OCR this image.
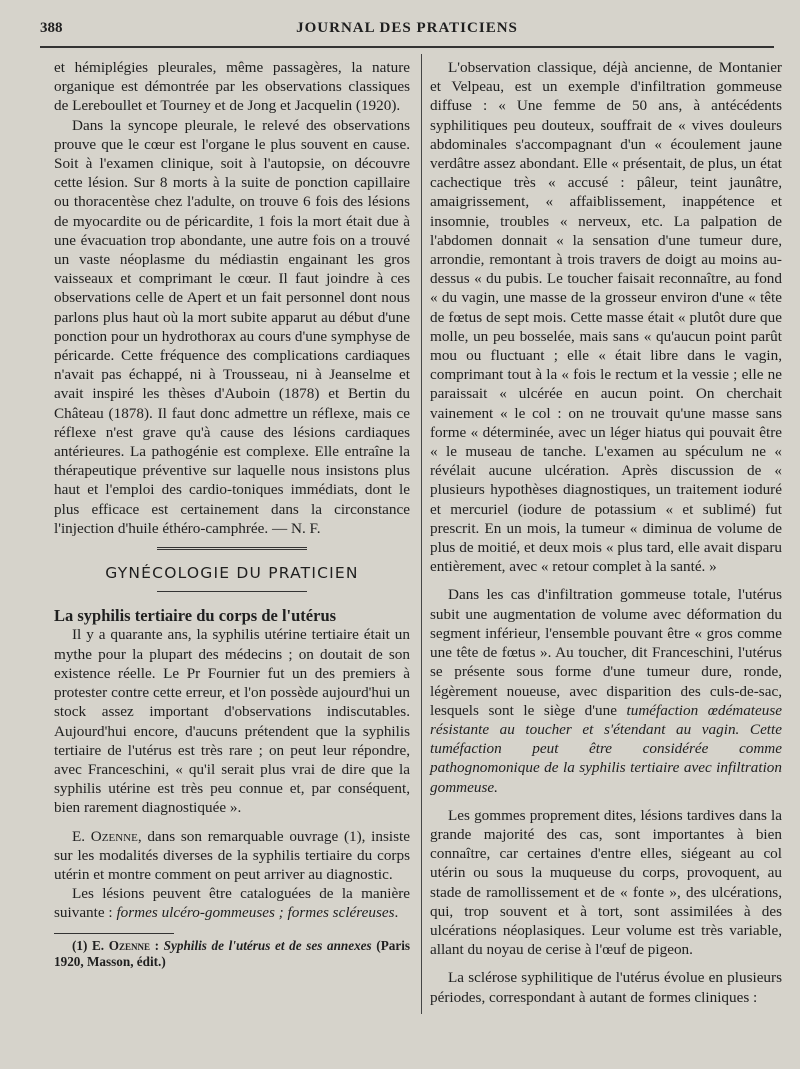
388	JOURNAL DES PRATICIENS

et hémiplégies pleurales, même passagères, la nature organique est démontrée par les observations classiques de Lereboullet et Tourney et de Jong et Jacquelin (1920).

Dans la syncope pleurale, le relevé des observations prouve que le cœur est l'organe le plus souvent en cause. Soit à l'examen clinique, soit à l'autopsie, on découvre cette lésion. Sur 8 morts à la suite de ponction capillaire ou thoracentèse chez l'adulte, on trouve 6 fois des lésions de myocardite ou de péricardite, 1 fois la mort était due à une évacuation trop abondante, une autre fois on a trouvé un vaste néoplasme du médiastin engainant les gros vaisseaux et comprimant le cœur. Il faut joindre à ces observations celle de Apert et un fait personnel dont nous parlons plus haut où la mort subite apparut au début d'une ponction pour un hydrothorax au cours d'une symphyse de péricarde. Cette fréquence des complications cardiaques n'avait pas échappé, ni à Trousseau, ni à Jeanselme et avait inspiré les thèses d'Auboin (1878) et Bertin du Château (1878). Il faut donc admettre un réflexe, mais ce réflexe n'est grave qu'à cause des lésions cardiaques antérieures. La pathogénie est complexe. Elle entraîne la thérapeutique préventive sur laquelle nous insistons plus haut et l'emploi des cardio-toniques immédiats, dont le plus efficace est certainement dans la circonstance l'injection d'huile éthéro-camphrée. — N. F.

GYNÉCOLOGIE DU PRATICIEN

La syphilis tertiaire du corps de l'utérus

Il y a quarante ans, la syphilis utérine tertiaire était un mythe pour la plupart des médecins ; on doutait de son existence réelle. Le Pr Fournier fut un des premiers à protester contre cette erreur, et l'on possède aujourd'hui un stock assez important d'observations indiscutables. Aujourd'hui encore, d'aucuns prétendent que la syphilis tertiaire de l'utérus est très rare ; on peut leur répondre, avec Franceschini, « qu'il serait plus vrai de dire que la syphilis utérine est très peu connue et, par conséquent, bien rarement diagnostiquée ».

E. Ozenne, dans son remarquable ouvrage (1), insiste sur les modalités diverses de la syphilis tertiaire du corps utérin et montre comment on peut arriver au diagnostic.

Les lésions peuvent être cataloguées de la manière suivante : formes ulcéro-gommeuses ; formes scléreuses.

(1) E. Ozenne : Syphilis de l'utérus et de ses annexes (Paris 1920, Masson, édit.)

L'observation classique, déjà ancienne, de Montanier et Velpeau, est un exemple d'infiltration gommeuse diffuse : « Une femme de 50 ans, à antécédents syphilitiques peu douteux, souffrait de « vives douleurs abdominales s'accompagnant d'un « écoulement jaune verdâtre assez abondant. Elle « présentait, de plus, un état cachectique très « accusé : pâleur, teint jaunâtre, amaigrissement, « affaiblissement, inappétence et insomnie, troubles « nerveux, etc. La palpation de l'abdomen donnait « la sensation d'une tumeur dure, arrondie, remontant à trois travers de doigt au moins au-dessus « du pubis. Le toucher faisait reconnaître, au fond « du vagin, une masse de la grosseur environ d'une « tête de fœtus de sept mois. Cette masse était « plutôt dure que molle, un peu bosselée, mais sans « qu'aucun point parût mou ou fluctuant ; elle « était libre dans le vagin, comprimant tout à la « fois le rectum et la vessie ; elle ne paraissait « ulcérée en aucun point. On cherchait vainement « le col : on ne trouvait qu'une masse sans forme « déterminée, avec un léger hiatus qui pouvait être « le museau de tanche. L'examen au spéculum ne « révélait aucune ulcération. Après discussion de « plusieurs hypothèses diagnostiques, un traitement ioduré et mercuriel (iodure de potassium « et sublimé) fut prescrit. En un mois, la tumeur « diminua de volume de plus de moitié, et deux mois « plus tard, elle avait disparu entièrement, avec « retour complet à la santé. »

Dans les cas d'infiltration gommeuse totale, l'utérus subit une augmentation de volume avec déformation du segment inférieur, l'ensemble pouvant être « gros comme une tête de fœtus ». Au toucher, dit Franceschini, l'utérus se présente sous forme d'une tumeur dure, ronde, légèrement noueuse, avec disparition des culs-de-sac, lesquels sont le siège d'une tuméfaction œdémateuse résistante au toucher et s'étendant au vagin. Cette tuméfaction peut être considérée comme pathognomonique de la syphilis tertiaire avec infiltration gommeuse.

Les gommes proprement dites, lésions tardives dans la grande majorité des cas, sont importantes à bien connaître, car certaines d'entre elles, siégeant au col utérin ou sous la muqueuse du corps, provoquent, au stade de ramollissement et de « fonte », des ulcérations, qui, trop souvent et à tort, sont assimilées à des ulcérations néoplasiques. Leur volume est très variable, allant du noyau de cerise à l'œuf de pigeon.

La sclérose syphilitique de l'utérus évolue en plusieurs périodes, correspondant à autant de formes cliniques :
